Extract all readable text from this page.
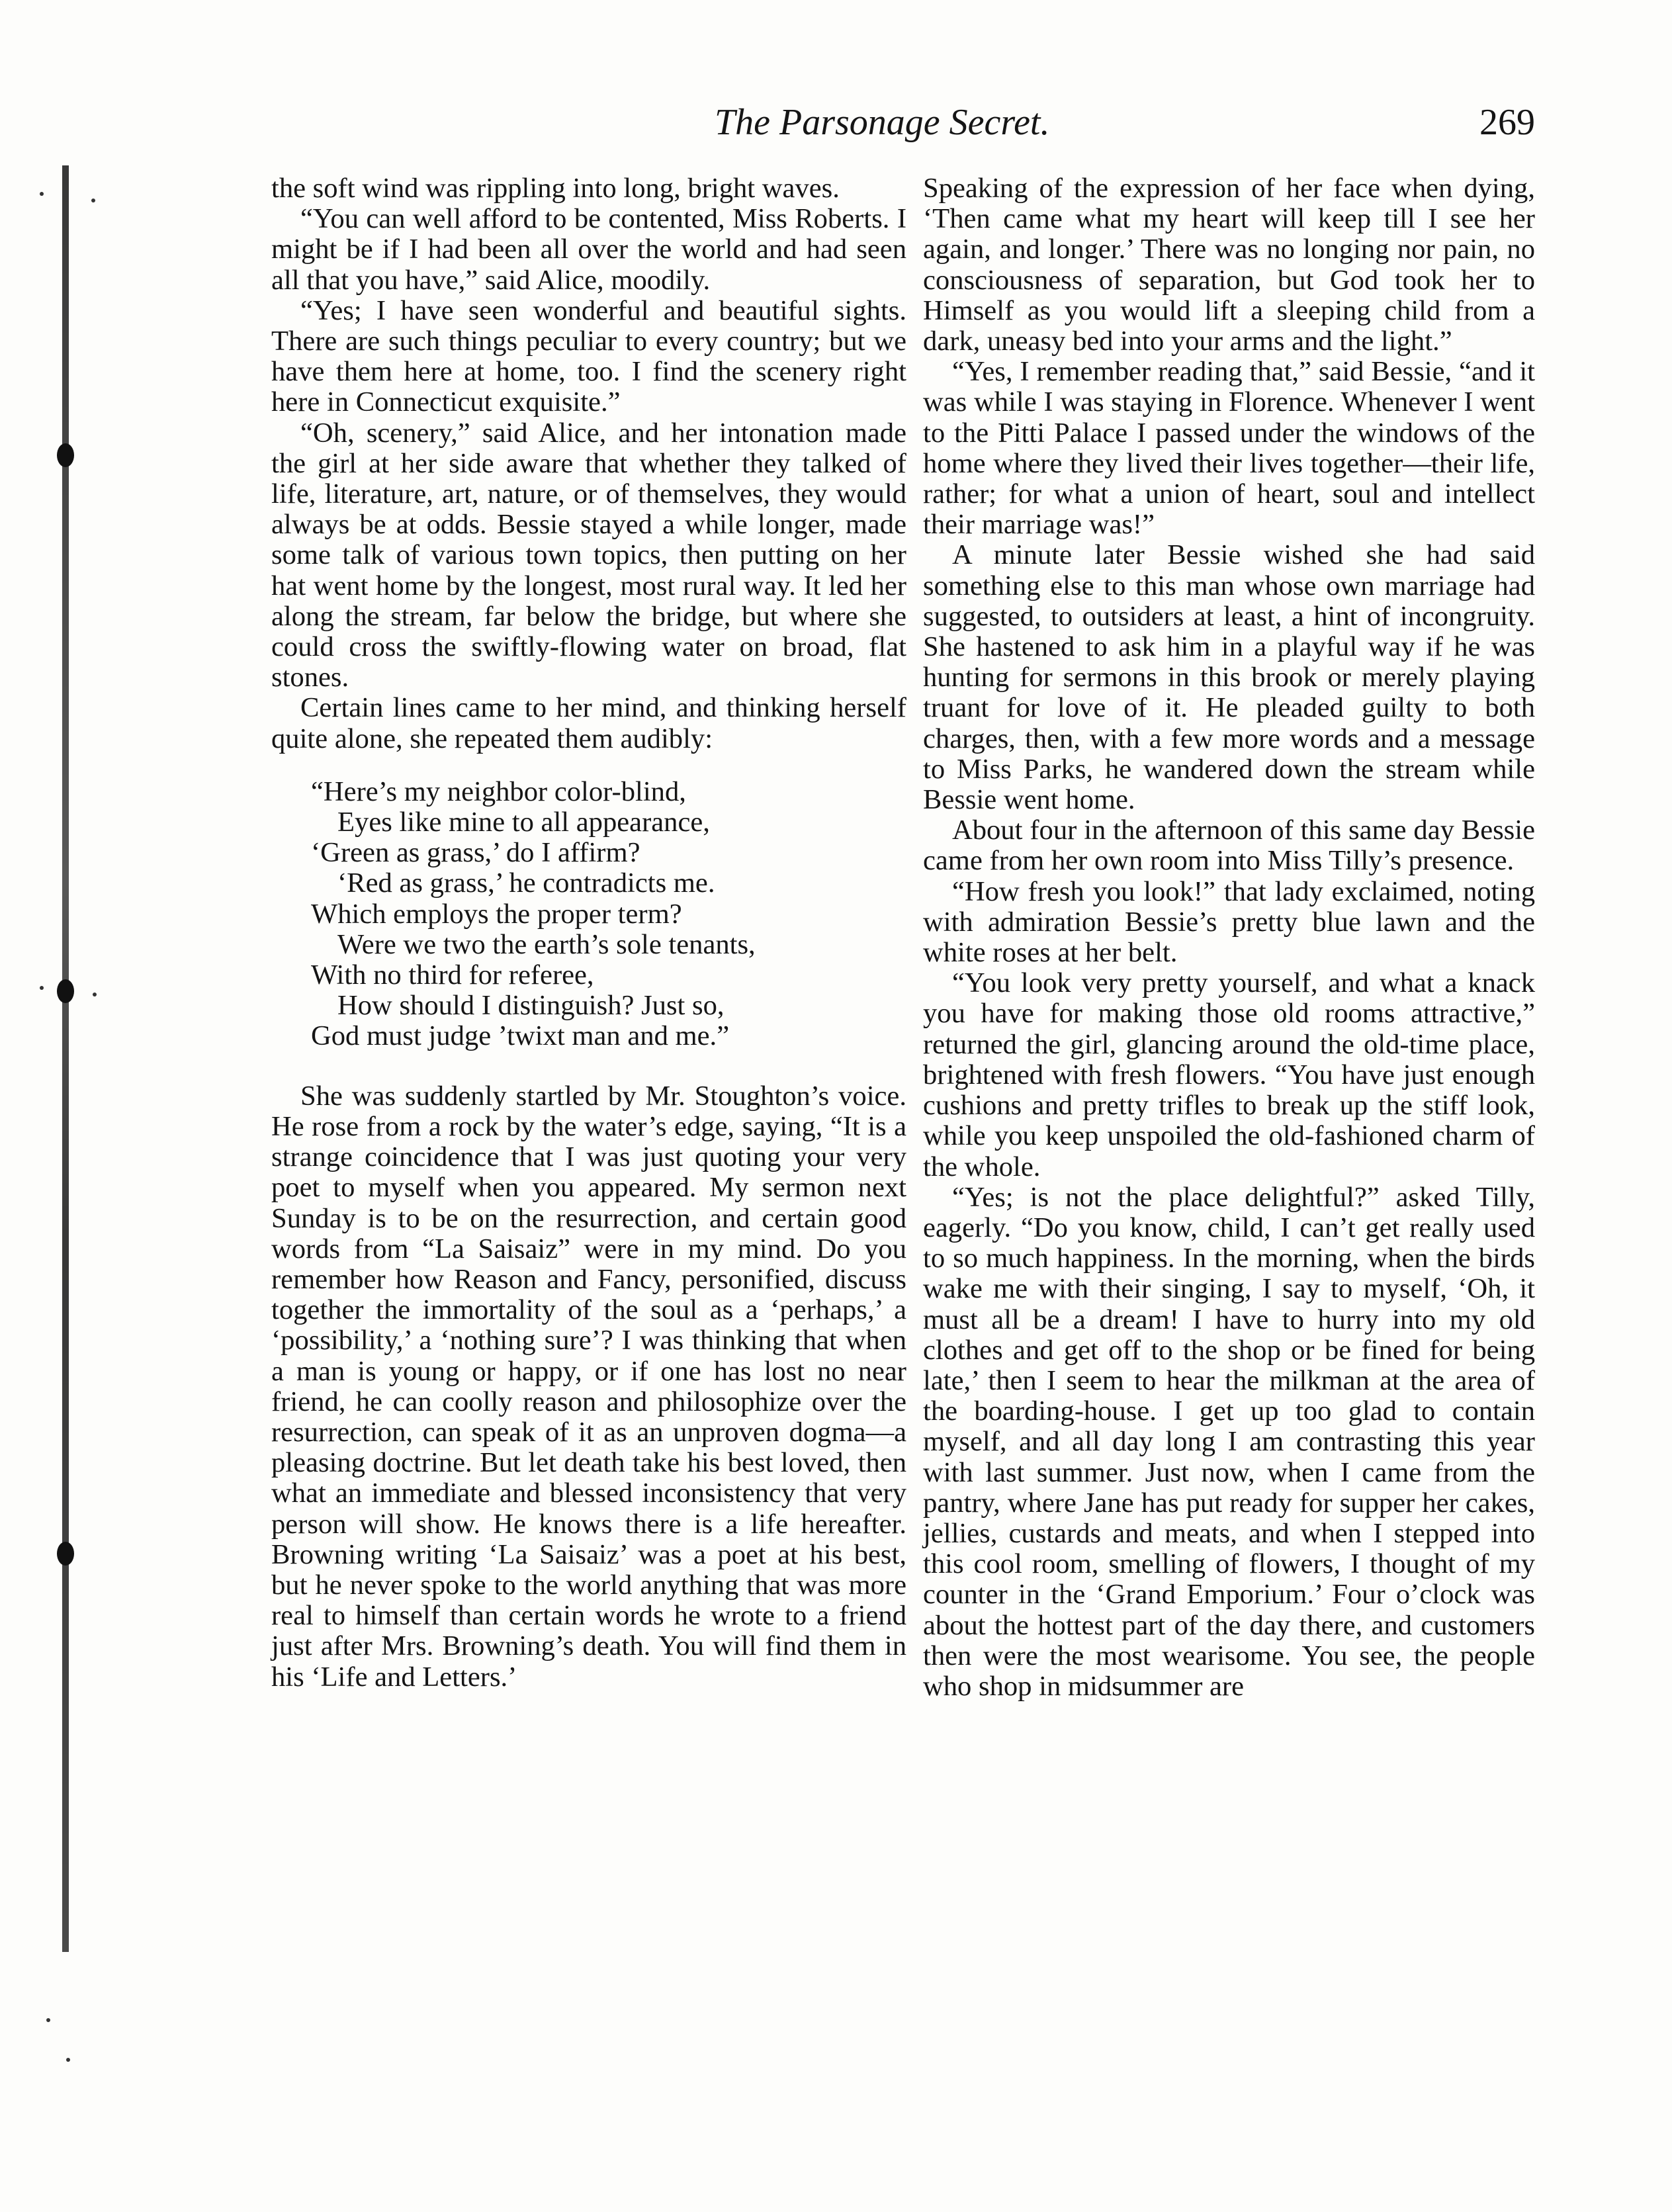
The Parsonage Secret.	269

the soft wind was rippling into long, bright waves.

“You can well afford to be contented, Miss Roberts. I might be if I had been all over the world and had seen all that you have,” said Alice, moodily.

“Yes; I have seen wonderful and beautiful sights. There are such things peculiar to every country; but we have them here at home, too. I find the scenery right here in Connecticut exquisite.”

“Oh, scenery,” said Alice, and her intonation made the girl at her side aware that whether they talked of life, literature, art, nature, or of themselves, they would always be at odds. Bessie stayed a while longer, made some talk of various town topics, then putting on her hat went home by the longest, most rural way. It led her along the stream, far below the bridge, but where she could cross the swiftly-flowing water on broad, flat stones.

Certain lines came to her mind, and thinking herself quite alone, she repeated them audibly:

“Here’s my neighbor color-blind,
Eyes like mine to all appearance,
‘Green as grass,’ do I affirm?
‘Red as grass,’ he contradicts me.
Which employs the proper term?
Were we two the earth’s sole tenants,
With no third for referee,
How should I distinguish? Just so,
God must judge ’twixt man and me.”

She was suddenly startled by Mr. Stoughton’s voice. He rose from a rock by the water’s edge, saying, “It is a strange coincidence that I was just quoting your very poet to myself when you appeared. My sermon next Sunday is to be on the resurrection, and certain good words from “La Saisaiz” were in my mind. Do you remember how Reason and Fancy, personified, discuss together the immortality of the soul as a ‘perhaps,’ a ‘possibility,’ a ‘nothing sure’? I was thinking that when a man is young or happy, or if one has lost no near friend, he can coolly reason and philosophize over the resurrection, can speak of it as an unproven dogma—a pleasing doctrine. But let death take his best loved, then what an immediate and blessed inconsistency that very person will show. He knows there is a life hereafter. Browning writing ‘La Saisaiz’ was a poet at his best, but he never spoke to the world anything that was more real to himself than certain words he wrote to a friend just after Mrs. Browning’s death. You will find them in his ‘Life and Letters.’

Speaking of the expression of her face when dying, ‘Then came what my heart will keep till I see her again, and longer.’ There was no longing nor pain, no consciousness of separation, but God took her to Himself as you would lift a sleeping child from a dark, uneasy bed into your arms and the light.”

“Yes, I remember reading that,” said Bessie, “and it was while I was staying in Florence. Whenever I went to the Pitti Palace I passed under the windows of the home where they lived their lives together—their life, rather; for what a union of heart, soul and intellect their marriage was!”

A minute later Bessie wished she had said something else to this man whose own marriage had suggested, to outsiders at least, a hint of incongruity. She hastened to ask him in a playful way if he was hunting for sermons in this brook or merely playing truant for love of it. He pleaded guilty to both charges, then, with a few more words and a message to Miss Parks, he wandered down the stream while Bessie went home.

About four in the afternoon of this same day Bessie came from her own room into Miss Tilly’s presence.

“How fresh you look!” that lady exclaimed, noting with admiration Bessie’s pretty blue lawn and the white roses at her belt.

“You look very pretty yourself, and what a knack you have for making those old rooms attractive,” returned the girl, glancing around the old-time place, brightened with fresh flowers. “You have just enough cushions and pretty trifles to break up the stiff look, while you keep unspoiled the old-fashioned charm of the whole.

“Yes; is not the place delightful?” asked Tilly, eagerly. “Do you know, child, I can’t get really used to so much happiness. In the morning, when the birds wake me with their singing, I say to myself, ‘Oh, it must all be a dream! I have to hurry into my old clothes and get off to the shop or be fined for being late,’ then I seem to hear the milkman at the area of the boarding-house. I get up too glad to contain myself, and all day long I am contrasting this year with last summer. Just now, when I came from the pantry, where Jane has put ready for supper her cakes, jellies, custards and meats, and when I stepped into this cool room, smelling of flowers, I thought of my counter in the ‘Grand Emporium.’ Four o’clock was about the hottest part of the day there, and customers then were the most wearisome. You see, the people who shop in midsummer are
